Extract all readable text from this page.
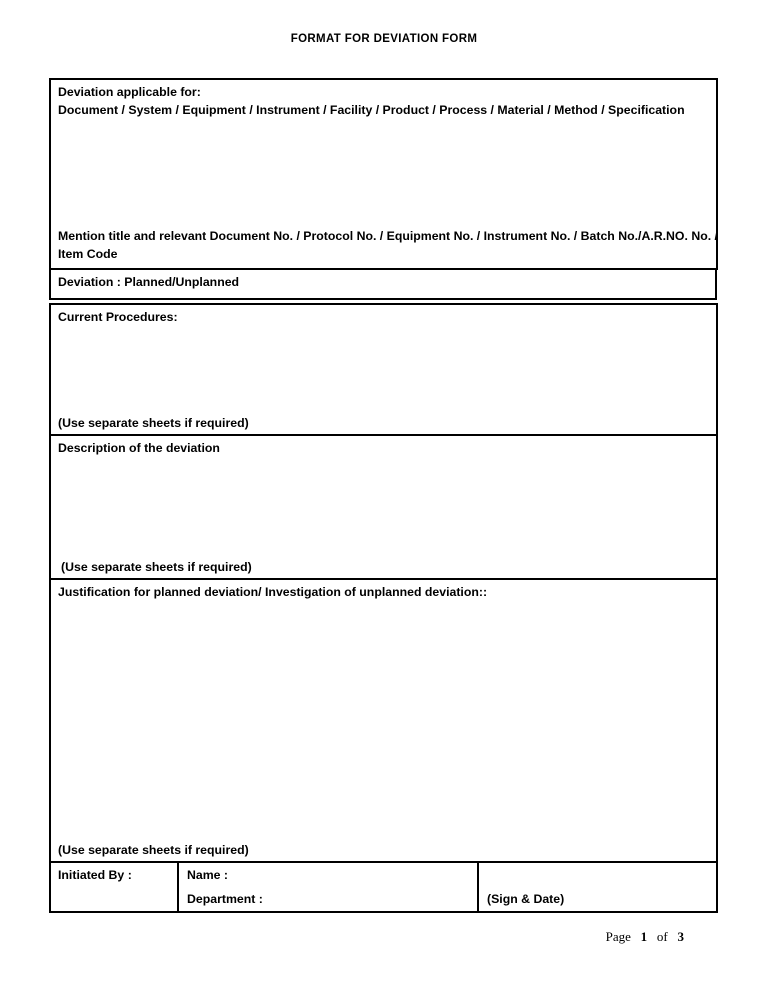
FORMAT FOR DEVIATION FORM
Deviation applicable for:
Document / System / Equipment / Instrument / Facility / Product / Process / Material / Method / Specification
Mention title and relevant Document No. / Protocol No. / Equipment No. / Instrument No. / Batch No./A.R.NO. No. / Item Code
Deviation : Planned/Unplanned
Current Procedures:
(Use separate sheets if required)
Description of the deviation
(Use separate sheets if required)
Justification for planned deviation/ Investigation of unplanned deviation::
(Use separate sheets if required)
Initiated By :	Name :
Department :	(Sign & Date)
Page 1 of 3
